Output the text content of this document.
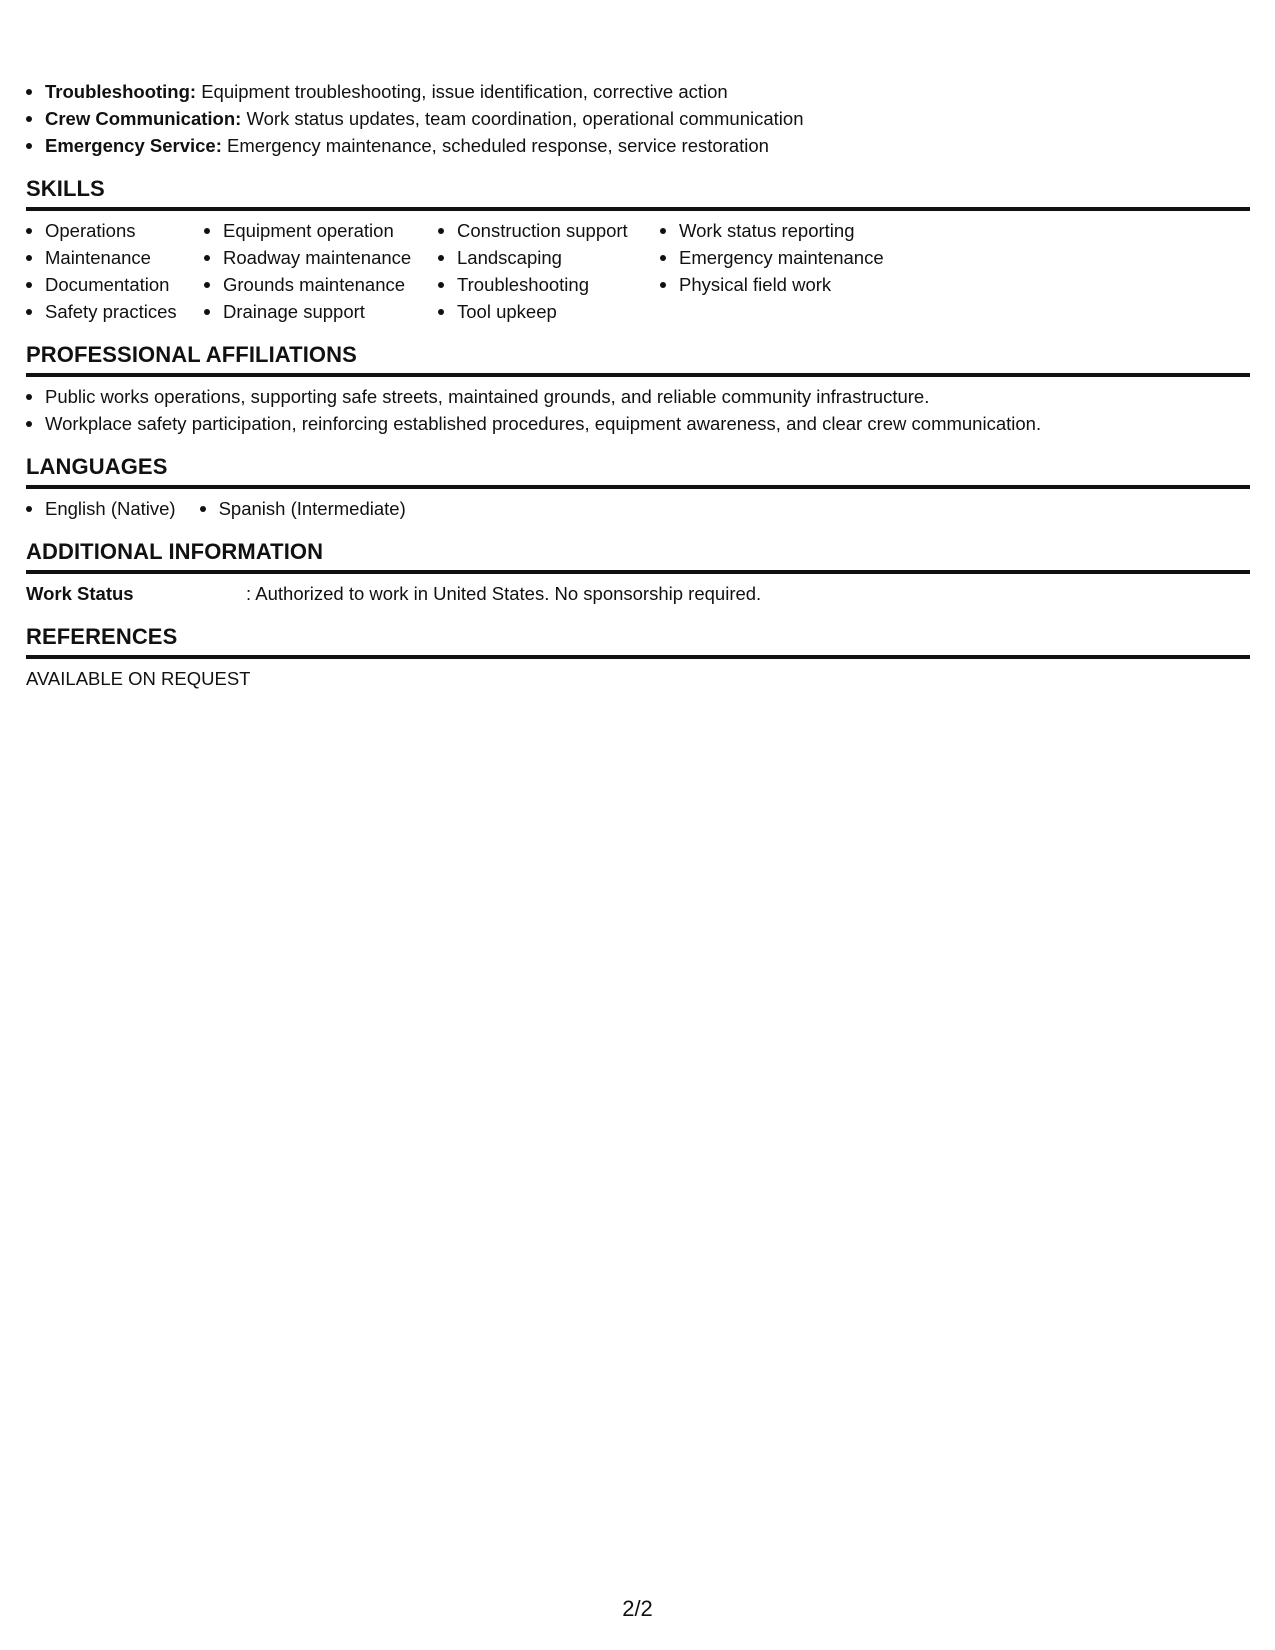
Troubleshooting: Equipment troubleshooting, issue identification, corrective action
Crew Communication: Work status updates, team coordination, operational communication
Emergency Service: Emergency maintenance, scheduled response, service restoration
SKILLS
Operations
Maintenance
Documentation
Safety practices
Equipment operation
Roadway maintenance
Grounds maintenance
Drainage support
Construction support
Landscaping
Troubleshooting
Tool upkeep
Work status reporting
Emergency maintenance
Physical field work
PROFESSIONAL AFFILIATIONS
Public works operations, supporting safe streets, maintained grounds, and reliable community infrastructure.
Workplace safety participation, reinforcing established procedures, equipment awareness, and clear crew communication.
LANGUAGES
English (Native)	Spanish (Intermediate)
ADDITIONAL INFORMATION
Work Status	: Authorized to work in United States. No sponsorship required.
REFERENCES
AVAILABLE ON REQUEST
2/2
